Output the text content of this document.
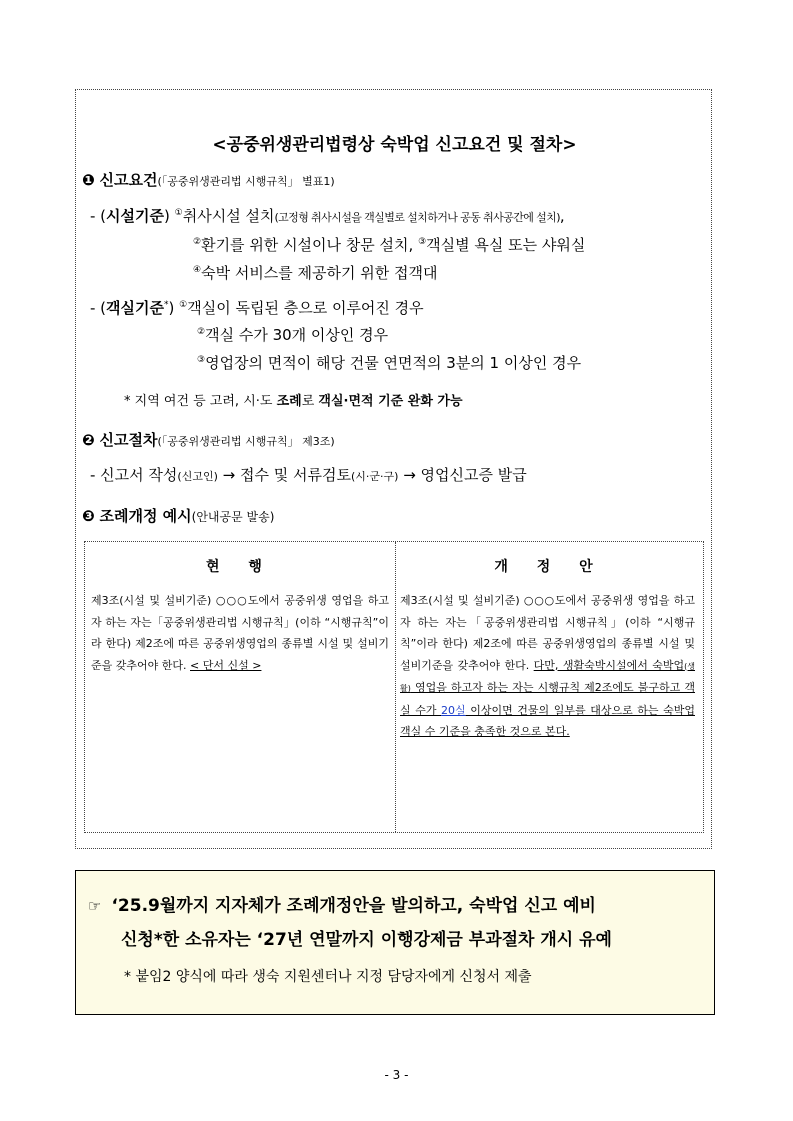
<공중위생관리법령상 숙박업 신고요건 및 절차>
❶ 신고요건(「공중위생관리법 시행규칙」 별표1)
- (시설기준) ①취사시설 설치(고정형 취사시설을 객실별로 설치하거나 공동 취사공간에 설치),
②환기를 위한 시설이나 창문 설치, ③객실별 욕실 또는 샤워실
④숙박 서비스를 제공하기 위한 접객대
- (객실기준*) ①객실이 독립된 층으로 이루어진 경우
②객실 수가 30개 이상인 경우
③영업장의 면적이 해당 건물 연면적의 3분의 1 이상인 경우
* 지역 여건 등 고려, 시·도 조례로 객실·면적 기준 완화 가능
❷ 신고절차(「공중위생관리법 시행규칙」 제3조)
- 신고서 작성(신고인) → 접수 및 서류검토(시·군·구) → 영업신고증 발급
❸ 조례개정 예시(안내공문 발송)
현 행
제3조(시설 및 설비기준) ○○○도에서 공중위생 영업을 하고자 하는 자는「공중위생관리법 시행규칙」(이하 “시행규칙”이라 한다) 제2조에 따른 공중위생영업의 종류별 시설 및 설비기준을 갖추어야 한다. < 단서 신설 >
개 정 안
제3조(시설 및 설비기준) ○○○도에서 공중위생 영업을 하고자 하는 자는「공중위생관리법 시행규칙」(이하 “시행규칙”이라 한다) 제2조에 따른 공중위생영업의 종류별 시설 및 설비기준을 갖추어야 한다. 다만, 생활숙박시설에서 숙박업(생활) 영업을 하고자 하는 자는 시행규칙 제2조에도 불구하고 객실 수가 20실 이상이면 건물의 일부를 대상으로 하는 숙박업 객실 수 기준을 충족한 것으로 본다.
☞ ‘25.9월까지 지자체가 조례개정안을 발의하고, 숙박업 신고 예비
신청*한 소유자는 ‘27년 연말까지 이행강제금 부과절차 개시 유예
* 붙임2 양식에 따라 생숙 지원센터나 지정 담당자에게 신청서 제출
- 3 -
